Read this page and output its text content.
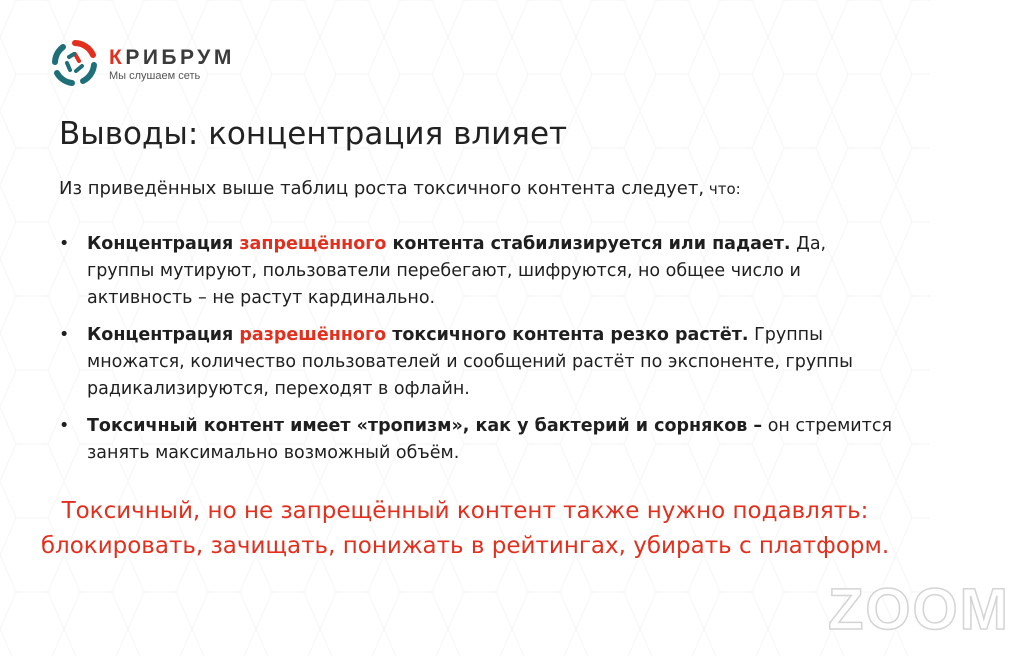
КРИБРУМ
Мы слушаем сеть
Выводы: концентрация влияет
Из приведённых выше таблиц роста токсичного контента следует, что:
• Концентрация запрещённого контента стабилизируется или падает. Да, группы мутируют, пользователи перебегают, шифруются, но общее число и активность – не растут кардинально.
• Концентрация разрешённого токсичного контента резко растёт. Группы множатся, количество пользователей и сообщений растёт по экспоненте, группы радикализируются, переходят в офлайн.
• Токсичный контент имеет «тропизм», как у бактерий и сорняков – он стремится занять максимально возможный объём.
Токсичный, но не запрещённый контент также нужно подавлять: блокировать, зачищать, понижать в рейтингах, убирать с платформ.
ZOOM
